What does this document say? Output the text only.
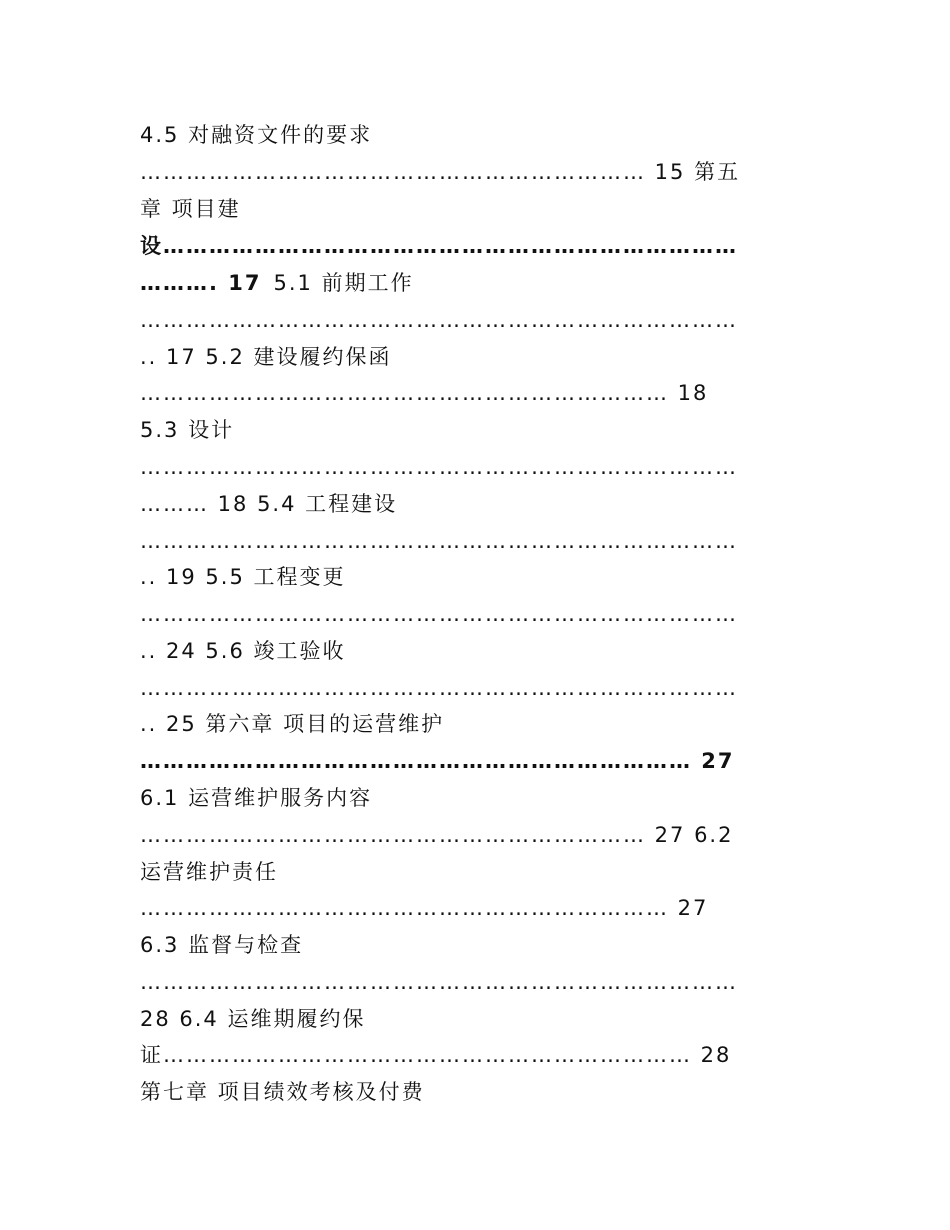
4.5 对融资文件的要求
………………………………………………………… 15 第五
章 项目建
设…………………………………………………………………
………. 17 5.1 前期工作
……………………………………………………………………
.. 17 5.2 建设履约保函
…………………………………………………………… 18
5.3 设计
……………………………………………………………………
……… 18 5.4 工程建设
……………………………………………………………………
.. 19 5.5 工程变更
……………………………………………………………………
.. 24 5.6 竣工验收
……………………………………………………………………
.. 25 第六章 项目的运营维护
……………………………………………………………… 27
6.1 运营维护服务内容
………………………………………………………… 27 6.2
运营维护责任
…………………………………………………………… 27
6.3 监督与检查
……………………………………………………………………
28 6.4 运维期履约保
证…………………………………………………………… 28
第七章 项目绩效考核及付费
